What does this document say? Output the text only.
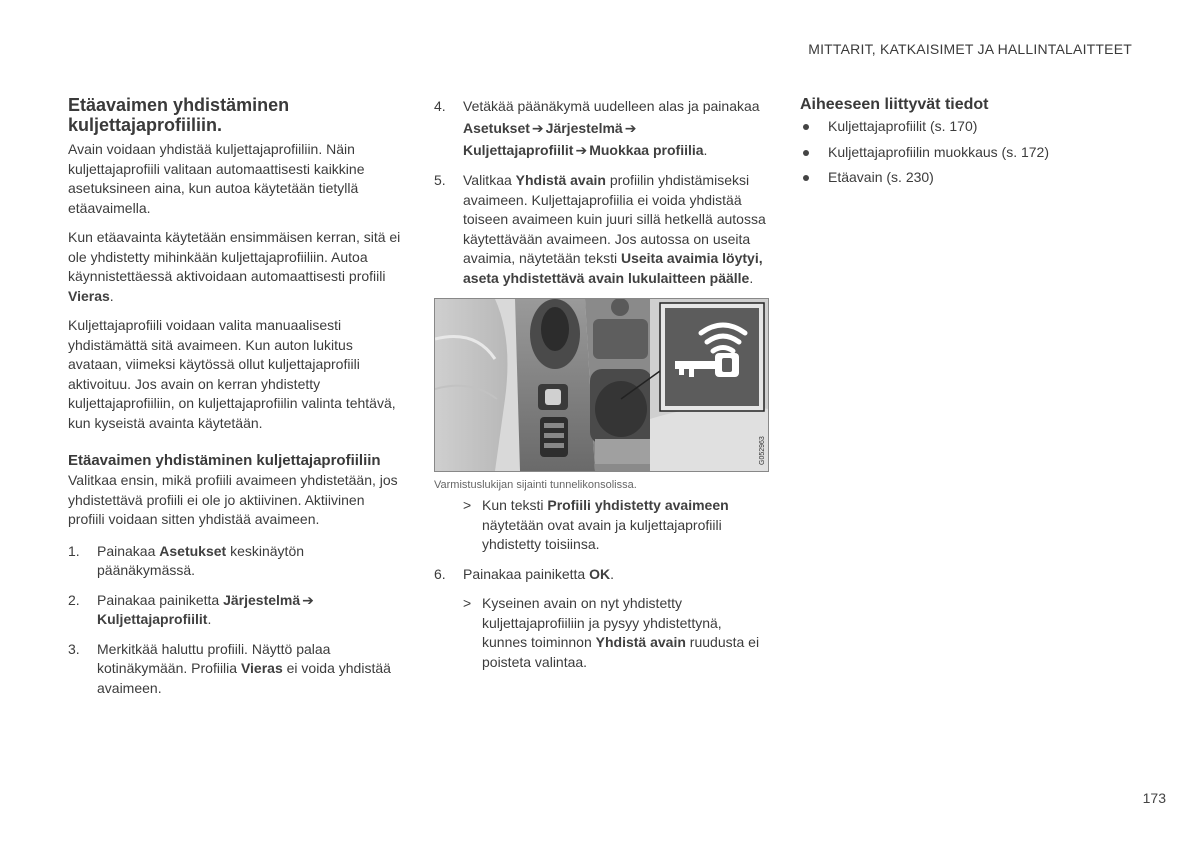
MITTARIT, KATKAISIMET JA HALLINTALAITTEET
Etäavaimen yhdistäminen kuljettajaprofiiliin.

Avain voidaan yhdistää kuljettajaprofiiliin. Näin kuljettajaprofiili valitaan automaattisesti kaikkine asetuksineen aina, kun autoa käytetään tietyllä etäavaimella.

Kun etäavainta käytetään ensimmäisen kerran, sitä ei ole yhdistetty mihinkään kuljettajaprofiiliin. Autoa käynnistettäessä aktivoidaan automaattisesti profiili Vieras.

Kuljettajaprofiili voidaan valita manuaalisesti yhdistämättä sitä avaimeen. Kun auton lukitus avataan, viimeksi käytössä ollut kuljettajaprofiili aktivoituu. Jos avain on kerran yhdistetty kuljettajaprofiiliin, on kuljettajaprofiilin valinta tehtävä, kun kyseistä avainta käytetään.

Etäavaimen yhdistäminen kuljettajaprofiiliin

Valitkaa ensin, mikä profiili avaimeen yhdistetään, jos yhdistettävä profiili ei ole jo aktiivinen. Aktiivinen profiili voidaan sitten yhdistää avaimeen.

1. Painakaa Asetukset keskinäytön päänäkymässä.
2. Painakaa painiketta Järjestelmä ➔
Kuljettajaprofiilit.
3. Merkitkää haluttu profiili. Näyttö palaa kotinäkymään. Profiilia Vieras ei voida yhdistää avaimeen.
4. Vetäkää päänäkymä uudelleen alas ja painakaa Asetukset ➔ Järjestelmä ➔
Kuljettajaprofiilit ➔ Muokkaa profiilia.
5. Valitkaa Yhdistä avain profiilin yhdistämiseksi avaimeen. Kuljettajaprofiilia ei voida yhdistää toiseen avaimeen kuin juuri sillä hetkellä autossa käytettävään avaimeen. Jos autossa on useita avaimia, näytetään teksti Useita avaimia löytyi, aseta yhdistettävä avain lukulaitteen päälle.
G052963
Varmistuslukijan sijainti tunnelikonsolissa.
> Kun teksti Profiili yhdistetty avaimeen näytetään ovat avain ja kuljettajaprofiili yhdistetty toisiinsa.
6. Painakaa painiketta OK.
> Kyseinen avain on nyt yhdistetty kuljettajaprofiiliin ja pysyy yhdistettynä, kunnes toiminnon Yhdistä avain ruudusta ei poisteta valintaa.
Aiheeseen liittyvät tiedot
Kuljettajaprofiilit (s. 170)
Kuljettajaprofiilin muokkaus (s. 172)
Etäavain (s. 230)
173
